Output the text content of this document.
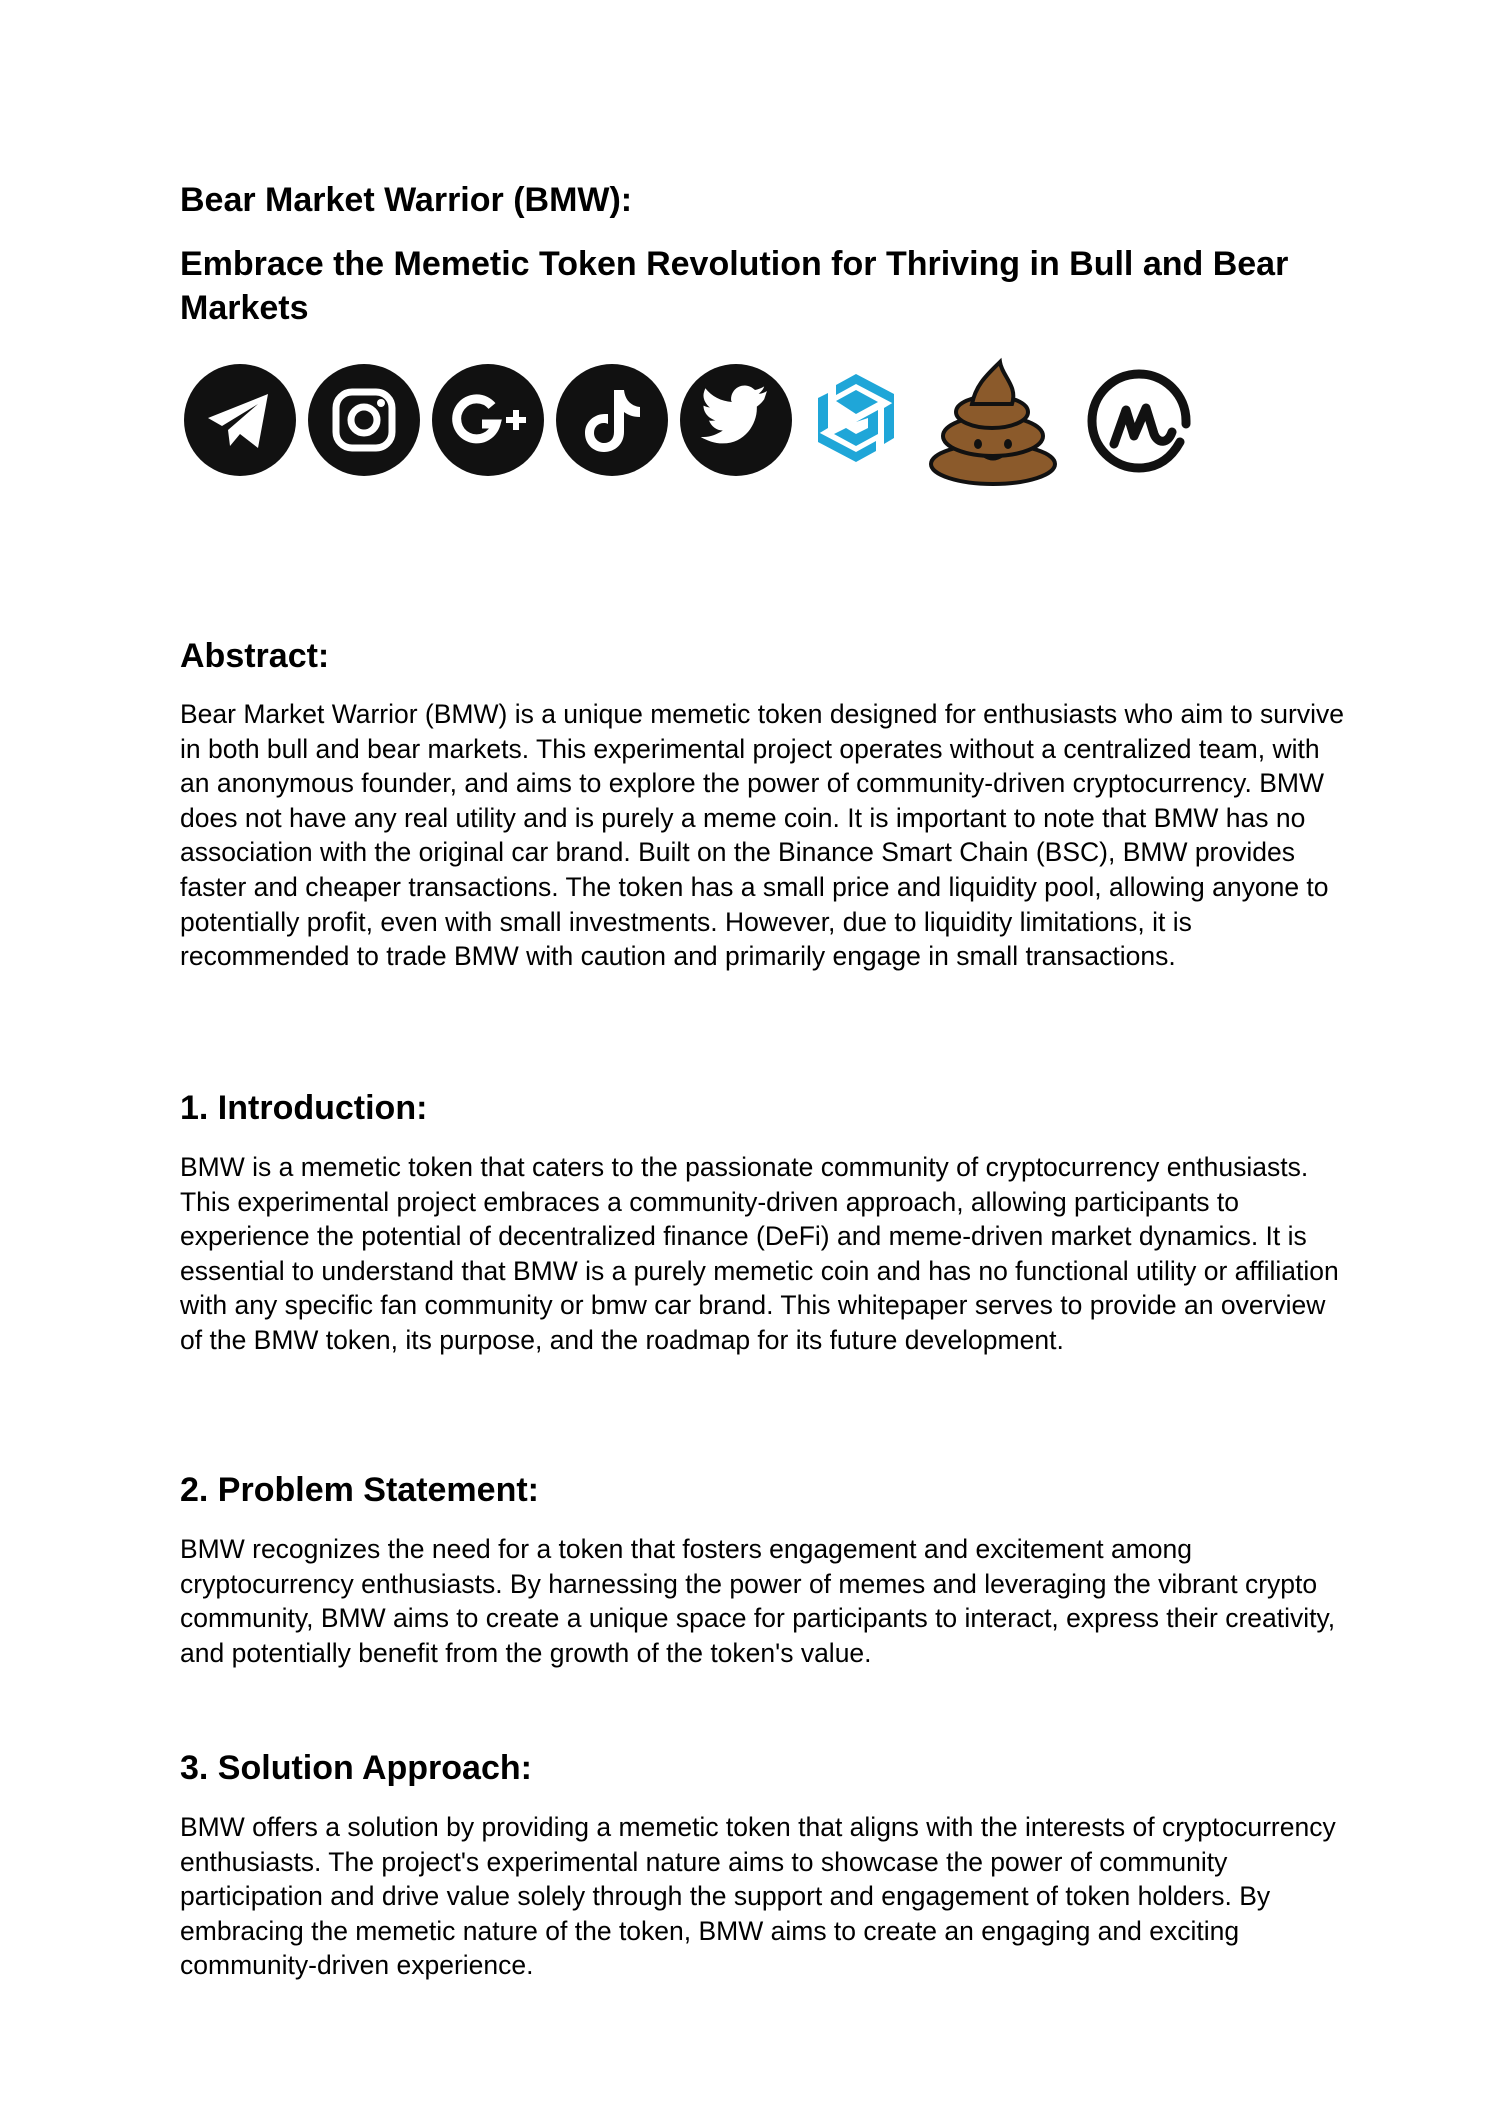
Bear Market Warrior (BMW):
Embrace the Memetic Token Revolution for Thriving in Bull and Bear Markets
Abstract:

Bear Market Warrior (BMW) is a unique memetic token designed for enthusiasts who aim to survive in both bull and bear markets. This experimental project operates without a centralized team, with an anonymous founder, and aims to explore the power of community-driven cryptocurrency. BMW does not have any real utility and is purely a meme coin. It is important to note that BMW has no association with the original car brand. Built on the Binance Smart Chain (BSC), BMW provides faster and cheaper transactions. The token has a small price and liquidity pool, allowing anyone to potentially profit, even with small investments. However, due to liquidity limitations, it is recommended to trade BMW with caution and primarily engage in small transactions.

1. Introduction:

BMW is a memetic token that caters to the passionate community of cryptocurrency enthusiasts. This experimental project embraces a community-driven approach, allowing participants to experience the potential of decentralized finance (DeFi) and meme-driven market dynamics. It is essential to understand that BMW is a purely memetic coin and has no functional utility or affiliation with any specific fan community or bmw car brand. This whitepaper serves to provide an overview of the BMW token, its purpose, and the roadmap for its future development.

2. Problem Statement:

BMW recognizes the need for a token that fosters engagement and excitement among cryptocurrency enthusiasts. By harnessing the power of memes and leveraging the vibrant crypto community, BMW aims to create a unique space for participants to interact, express their creativity, and potentially benefit from the growth of the token's value.

3. Solution Approach:

BMW offers a solution by providing a memetic token that aligns with the interests of cryptocurrency enthusiasts. The project's experimental nature aims to showcase the power of community participation and drive value solely through the support and engagement of token holders. By embracing the memetic nature of the token, BMW aims to create an engaging and exciting community-driven experience.
